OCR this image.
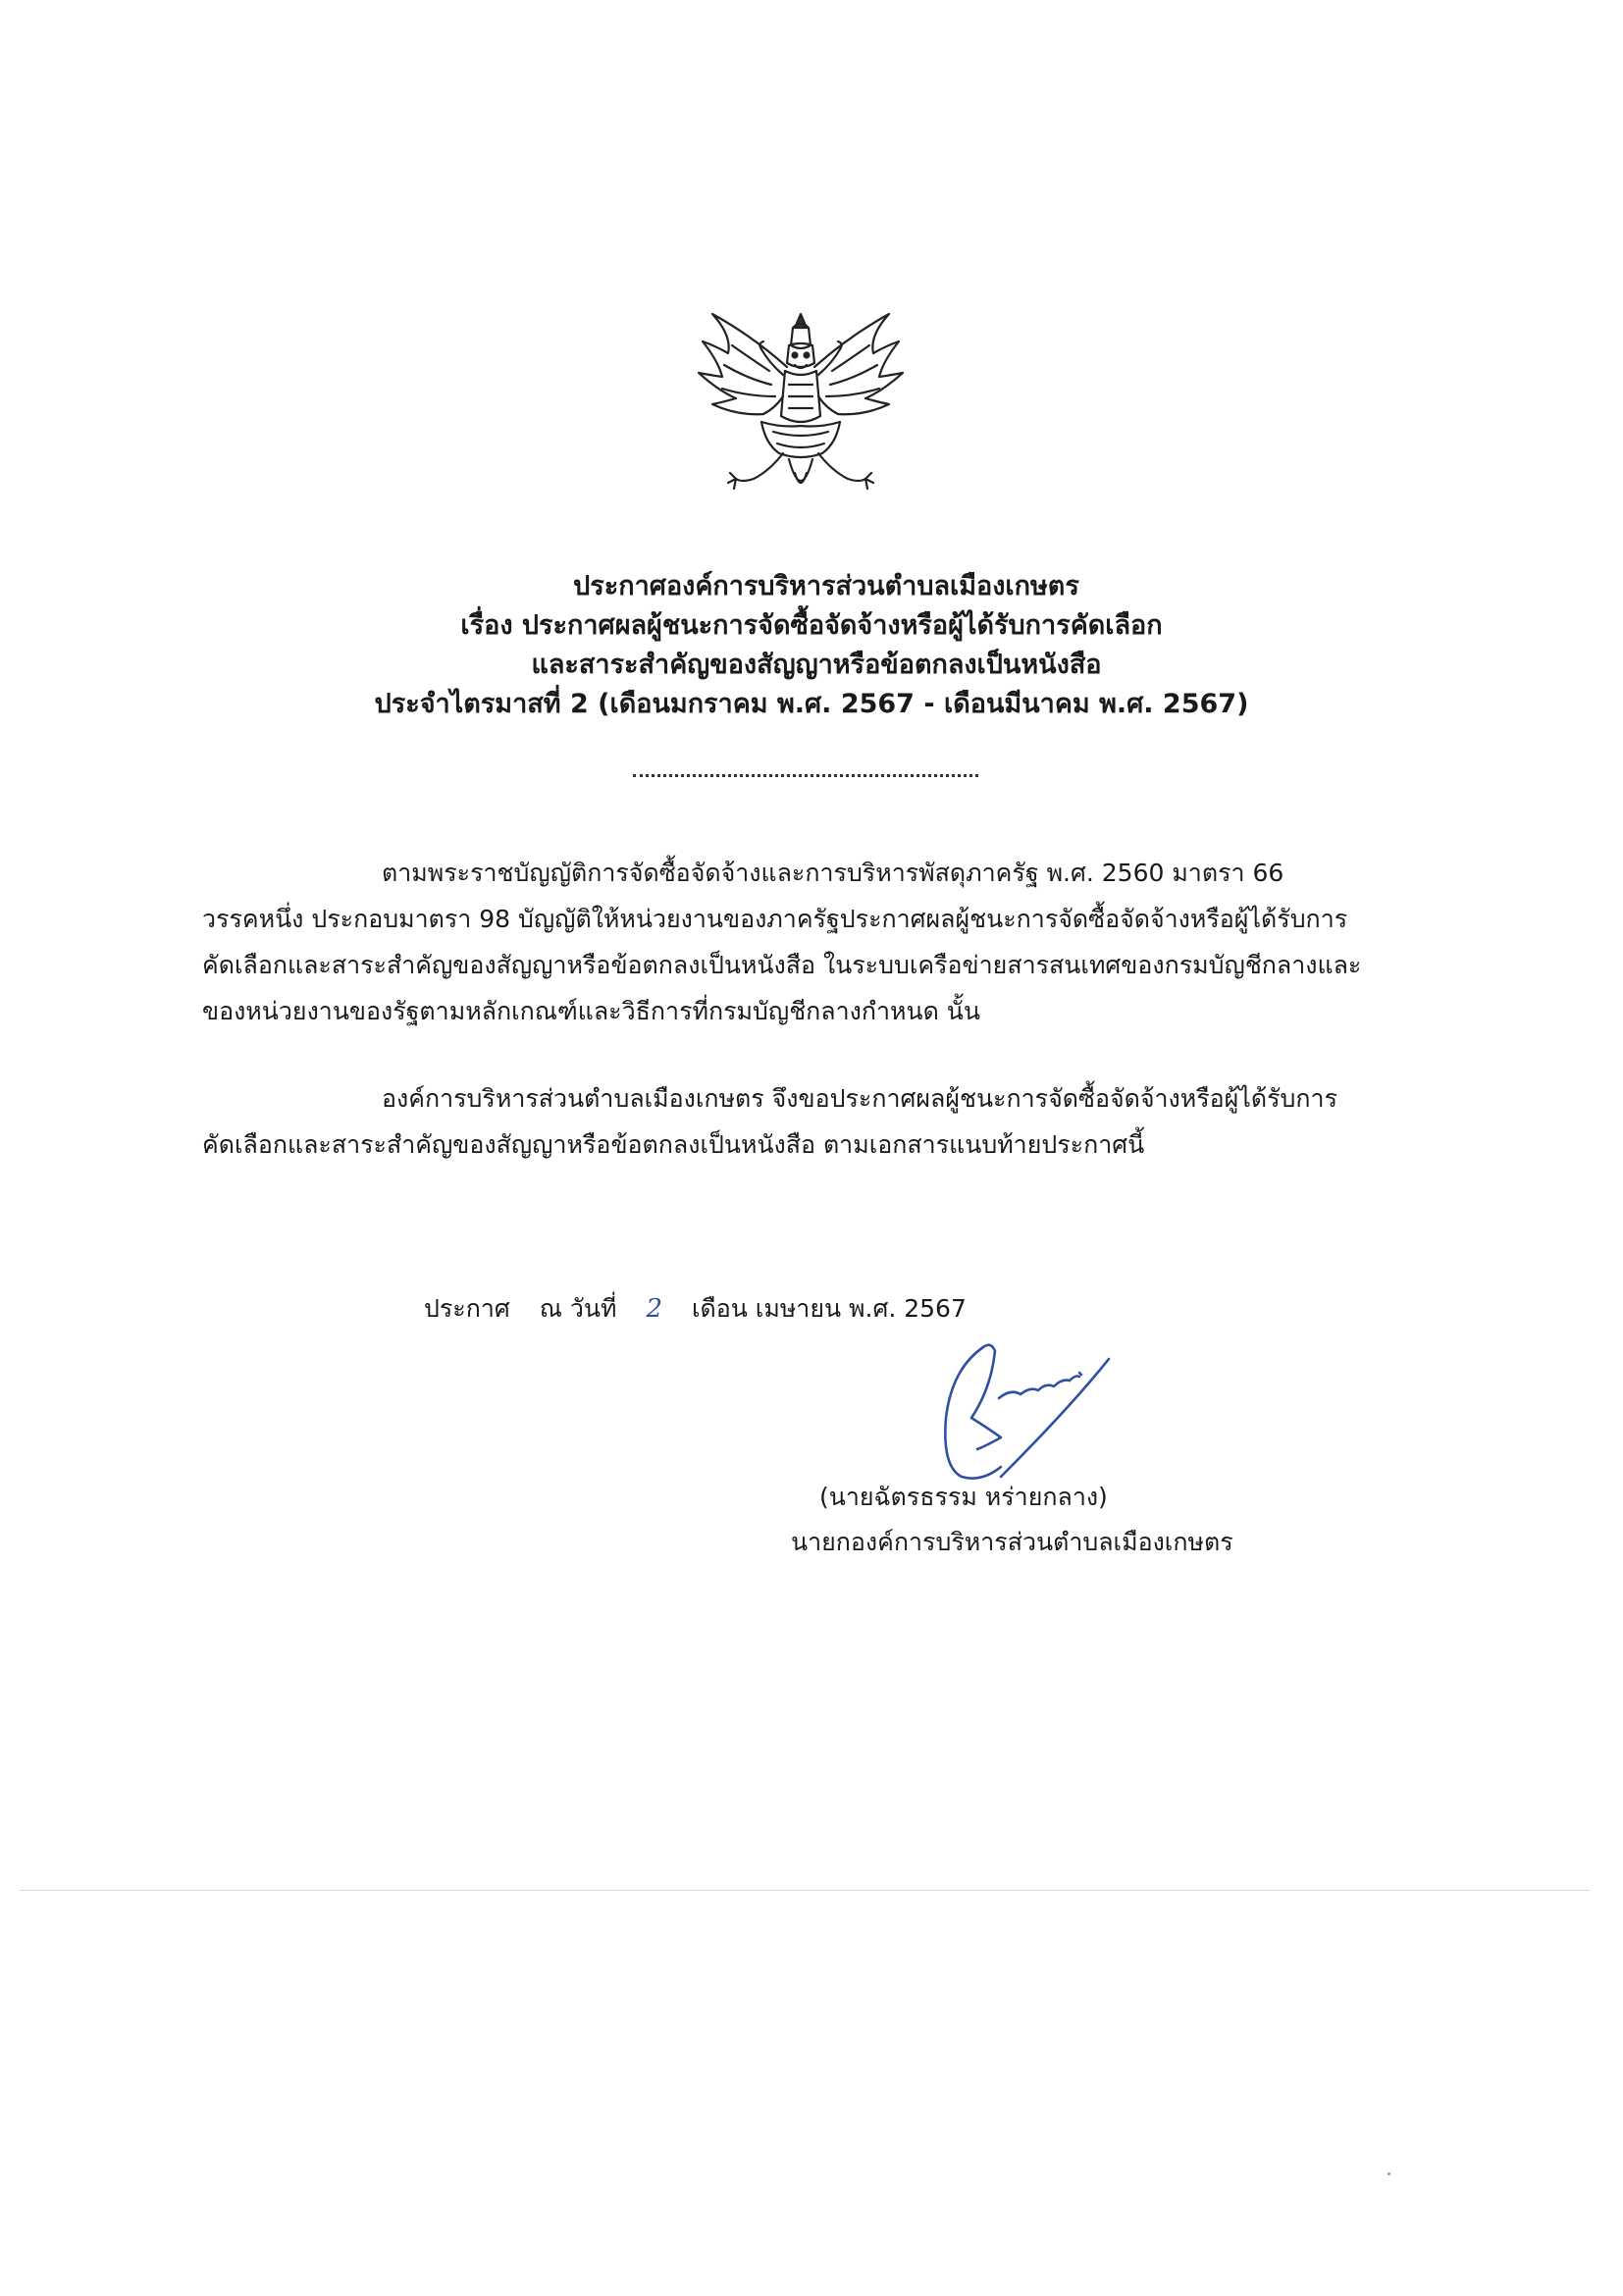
ประกาศองค์การบริหารส่วนตำบลเมืองเกษตร
เรื่อง ประกาศผลผู้ชนะการจัดซื้อจัดจ้างหรือผู้ได้รับการคัดเลือก
และสาระสำคัญของสัญญาหรือข้อตกลงเป็นหนังสือ
ประจำไตรมาสที่ 2 (เดือนมกราคม พ.ศ. 2567 - เดือนมีนาคม พ.ศ. 2567)
ตามพระราชบัญญัติการจัดซื้อจัดจ้างและการบริหารพัสดุภาครัฐ พ.ศ. 2560 มาตรา 66
วรรคหนึ่ง ประกอบมาตรา 98 บัญญัติให้หน่วยงานของภาครัฐประกาศผลผู้ชนะการจัดซื้อจัดจ้างหรือผู้ได้รับการ
คัดเลือกและสาระสำคัญของสัญญาหรือข้อตกลงเป็นหนังสือ ในระบบเครือข่ายสารสนเทศของกรมบัญชีกลางและ
ของหน่วยงานของรัฐตามหลักเกณฑ์และวิธีการที่กรมบัญชีกลางกำหนด นั้น
องค์การบริหารส่วนตำบลเมืองเกษตร จึงขอประกาศผลผู้ชนะการจัดซื้อจัดจ้างหรือผู้ได้รับการ
คัดเลือกและสาระสำคัญของสัญญาหรือข้อตกลงเป็นหนังสือ ตามเอกสารแนบท้ายประกาศนี้
ประกาศ ณ วันที่ 2 เดือน เมษายน พ.ศ. 2567
(นายฉัตรธรรม หร่ายกลาง)
นายกองค์การบริหารส่วนตำบลเมืองเกษตร
